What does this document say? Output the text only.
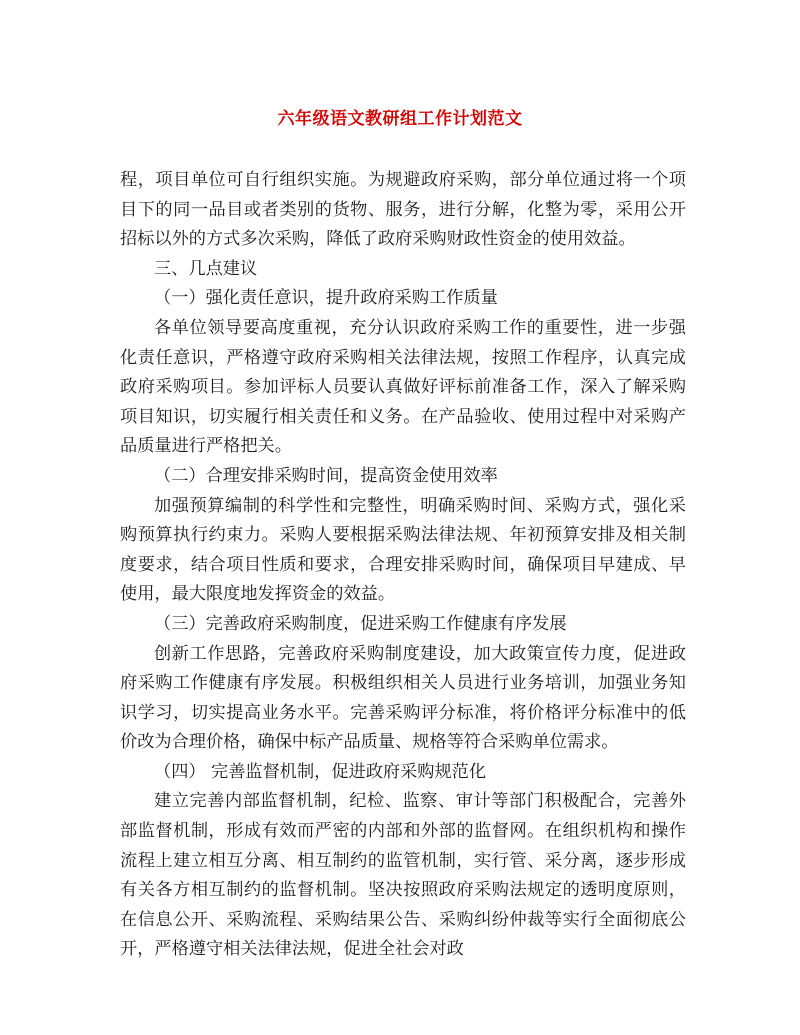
六年级语文教研组工作计划范文

程，项目单位可自行组织实施。为规避政府采购，部分单位通过将一个项目下的同一品目或者类别的货物、服务，进行分解，化整为零，采用公开招标以外的方式多次采购，降低了政府采购财政性资金的使用效益。

三、几点建议

（一）强化责任意识，提升政府采购工作质量

各单位领导要高度重视，充分认识政府采购工作的重要性，进一步强化责任意识，严格遵守政府采购相关法律法规，按照工作程序，认真完成政府采购项目。参加评标人员要认真做好评标前准备工作，深入了解采购项目知识，切实履行相关责任和义务。在产品验收、使用过程中对采购产品质量进行严格把关。

（二）合理安排采购时间，提高资金使用效率

加强预算编制的科学性和完整性，明确采购时间、采购方式，强化采购预算执行约束力。采购人要根据采购法律法规、年初预算安排及相关制度要求，结合项目性质和要求，合理安排采购时间，确保项目早建成、早使用，最大限度地发挥资金的效益。

（三）完善政府采购制度，促进采购工作健康有序发展

创新工作思路，完善政府采购制度建设，加大政策宣传力度，促进政府采购工作健康有序发展。积极组织相关人员进行业务培训，加强业务知识学习，切实提高业务水平。完善采购评分标准，将价格评分标准中的低价改为合理价格，确保中标产品质量、规格等符合采购单位需求。

（四） 完善监督机制，促进政府采购规范化

建立完善内部监督机制，纪检、监察、审计等部门积极配合，完善外部监督机制，形成有效而严密的内部和外部的监督网。在组织机构和操作流程上建立相互分离、相互制约的监管机制，实行管、采分离，逐步形成有关各方相互制约的监督机制。坚决按照政府采购法规定的透明度原则，在信息公开、采购流程、采购结果公告、采购纠纷仲裁等实行全面彻底公开，严格遵守相关法律法规，促进全社会对政
